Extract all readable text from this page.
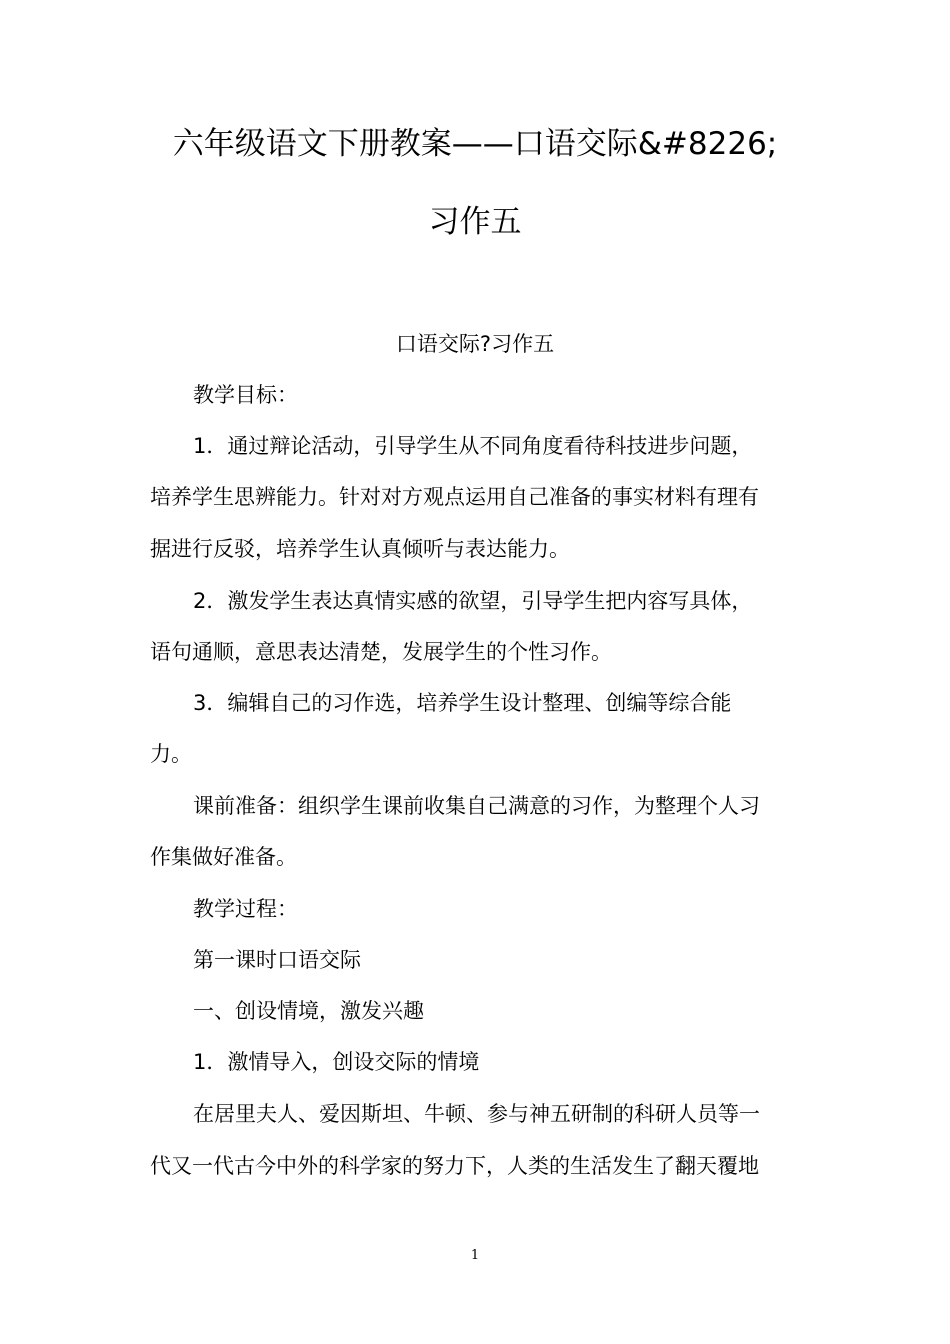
六年级语文下册教案——口语交际&#8226;
习作五
口语交际?习作五
教学目标：
1．通过辩论活动，引导学生从不同角度看待科技进步问题，
培养学生思辨能力。针对对方观点运用自己准备的事实材料有理有
据进行反驳，培养学生认真倾听与表达能力。
2．激发学生表达真情实感的欲望，引导学生把内容写具体，
语句通顺，意思表达清楚，发展学生的个性习作。
3．编辑自己的习作选，培养学生设计整理、创编等综合能
力。
课前准备：组织学生课前收集自己满意的习作，为整理个人习
作集做好准备。
教学过程：
第一课时口语交际
一、创设情境，激发兴趣
1．激情导入，创设交际的情境
在居里夫人、爱因斯坦、牛顿、参与神五研制的科研人员等一
代又一代古今中外的科学家的努力下，人类的生活发生了翻天覆地
1
